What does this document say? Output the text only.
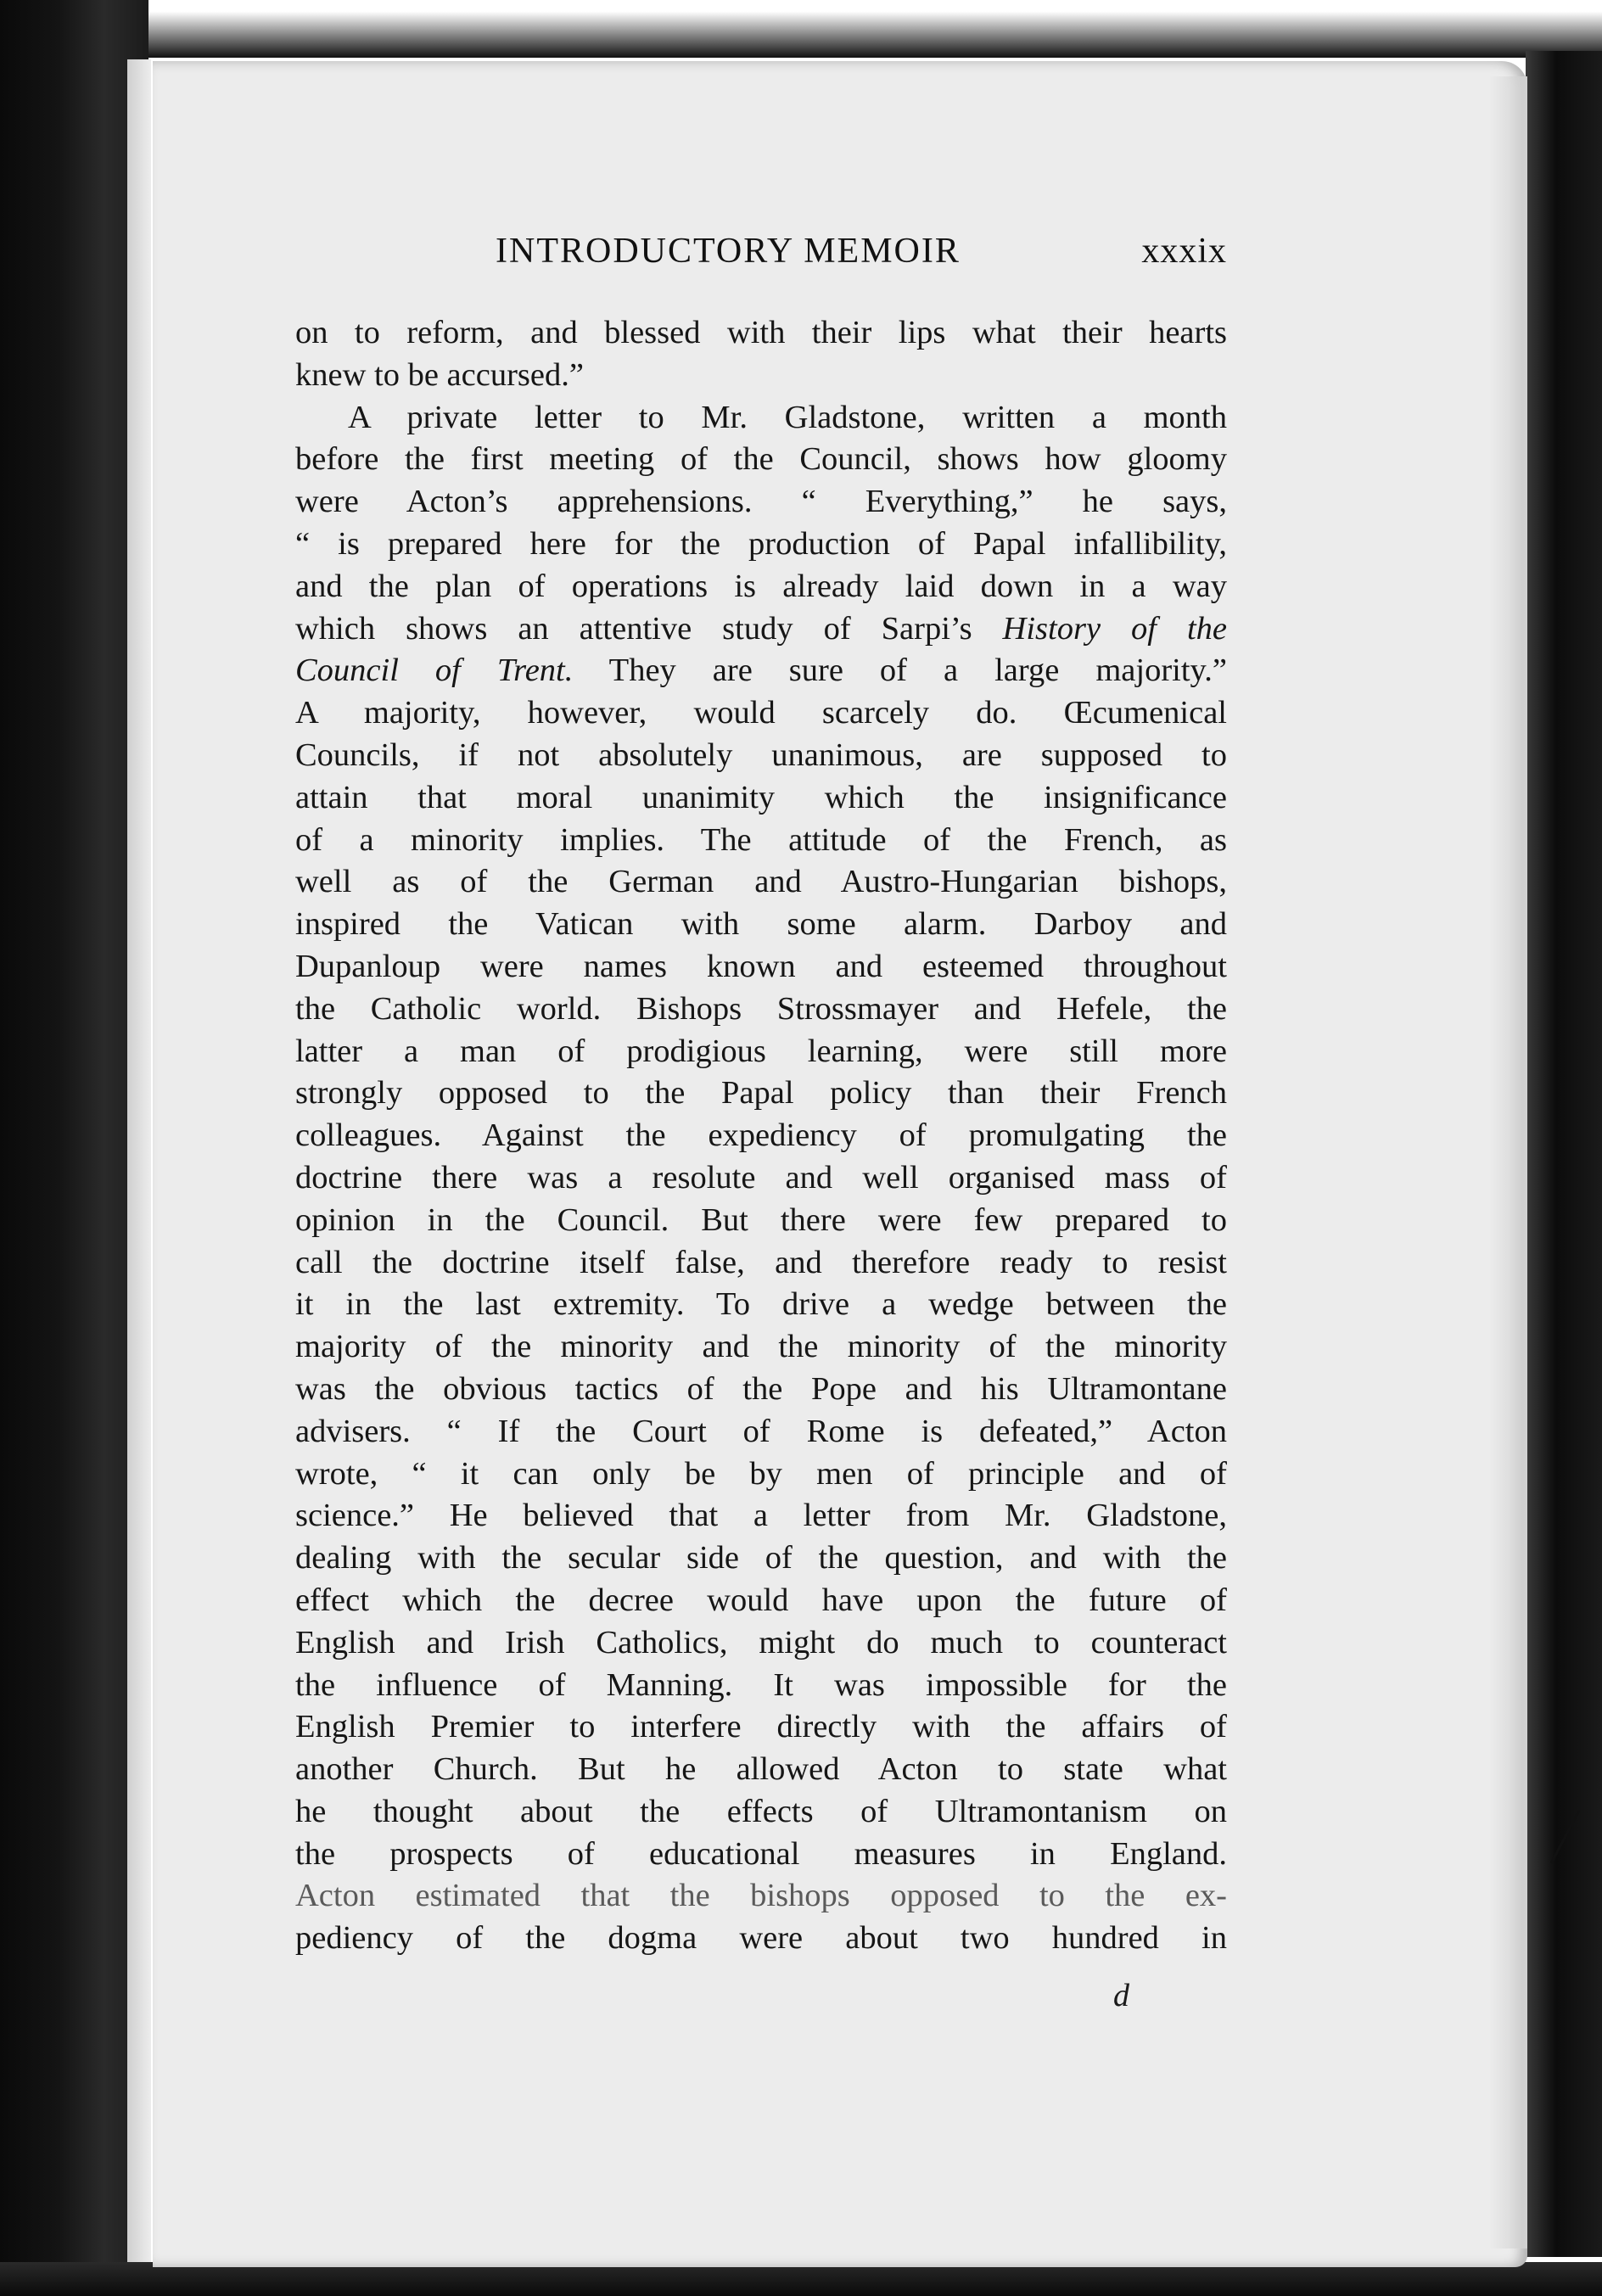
INTRODUCTORY MEMOIR	xxxix
on to reform, and blessed with their lips what their hearts
knew to be accursed.”
A private letter to Mr. Gladstone, written a month
before the first meeting of the Council, shows how gloomy
were Acton’s apprehensions. “ Everything,” he says,
“ is prepared here for the production of Papal infallibility,
and the plan of operations is already laid down in a way
which shows an attentive study of Sarpi’s History of the
Council of Trent. They are sure of a large majority.”
A majority, however, would scarcely do. Œcumenical
Councils, if not absolutely unanimous, are supposed to
attain that moral unanimity which the insignificance
of a minority implies. The attitude of the French, as
well as of the German and Austro-Hungarian bishops,
inspired the Vatican with some alarm. Darboy and
Dupanloup were names known and esteemed throughout
the Catholic world. Bishops Strossmayer and Hefele, the
latter a man of prodigious learning, were still more
strongly opposed to the Papal policy than their French
colleagues. Against the expediency of promulgating the
doctrine there was a resolute and well organised mass of
opinion in the Council. But there were few prepared to
call the doctrine itself false, and therefore ready to resist
it in the last extremity. To drive a wedge between the
majority of the minority and the minority of the minority
was the obvious tactics of the Pope and his Ultramontane
advisers. “ If the Court of Rome is defeated,” Acton
wrote, “ it can only be by men of principle and of
science.” He believed that a letter from Mr. Gladstone,
dealing with the secular side of the question, and with the
effect which the decree would have upon the future of
English and Irish Catholics, might do much to counteract
the influence of Manning. It was impossible for the
English Premier to interfere directly with the affairs of
another Church. But he allowed Acton to state what
he thought about the effects of Ultramontanism on
the prospects of educational measures in England.
Acton estimated that the bishops opposed to the ex-
pediency of the dogma were about two hundred in
d
